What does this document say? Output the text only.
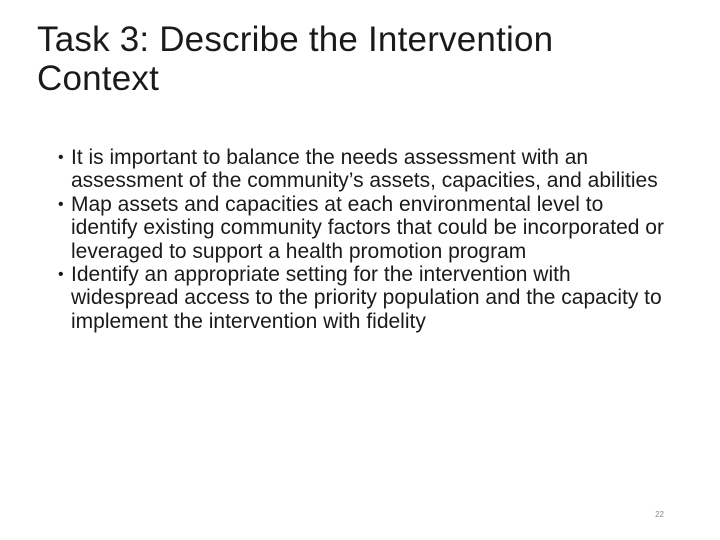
Task 3: Describe the Intervention
Context
• It is important to balance the needs assessment with an assessment of the community’s assets, capacities, and abilities
• Map assets and capacities at each environmental level to identify existing community factors that could be incorporated or leveraged to support a health promotion program
• Identify an appropriate setting for the intervention with widespread access to the priority population and the capacity to implement the intervention with fidelity
22
